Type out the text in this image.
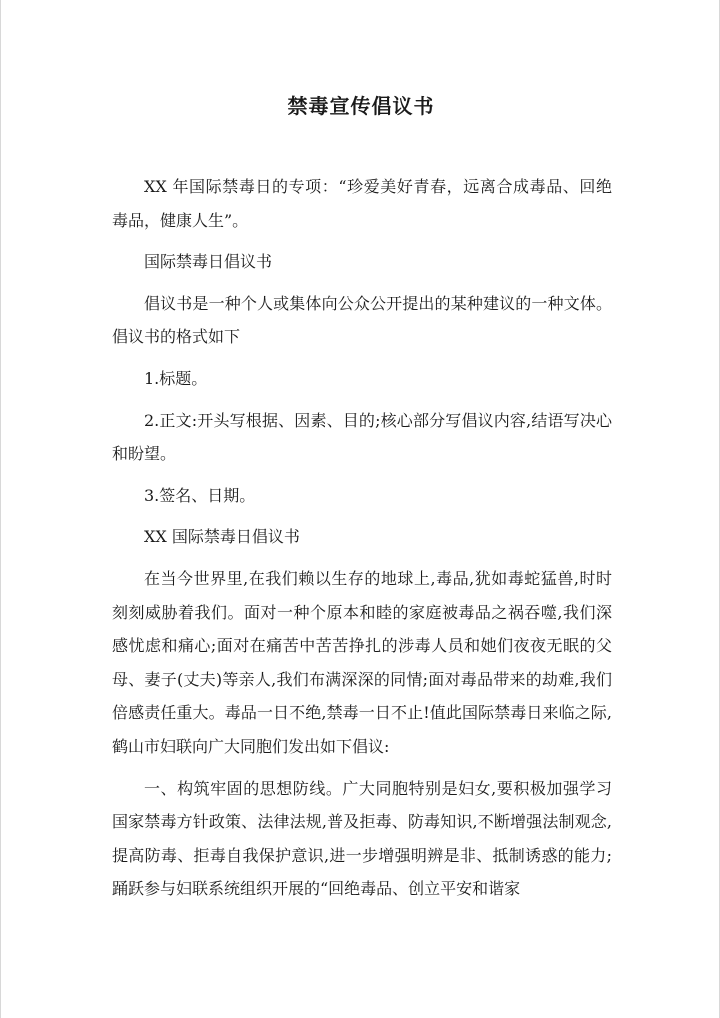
禁毒宣传倡议书

XX 年国际禁毒日的专项：“珍爱美好青春，远离合成毒品、回绝毒品，健康人生”。

国际禁毒日倡议书

倡议书是一种个人或集体向公众公开提出的某种建议的一种文体。倡议书的格式如下

1.标题。

2.正文:开头写根据、因素、目的;核心部分写倡议内容,结语写决心和盼望。

3.签名、日期。

XX 国际禁毒日倡议书

在当今世界里,在我们赖以生存的地球上,毒品,犹如毒蛇猛兽,时时刻刻威胁着我们。面对一种个原本和睦的家庭被毒品之祸吞噬,我们深感忧虑和痛心;面对在痛苦中苦苦挣扎的涉毒人员和她们夜夜无眠的父母、妻子(丈夫)等亲人,我们布满深深的同情;面对毒品带来的劫难,我们倍感责任重大。毒品一日不绝,禁毒一日不止!值此国际禁毒日来临之际,鹤山市妇联向广大同胞们发出如下倡议:

一、构筑牢固的思想防线。广大同胞特别是妇女,要积极加强学习国家禁毒方针政策、法律法规,普及拒毒、防毒知识,不断增强法制观念,提高防毒、拒毒自我保护意识,进一步增强明辨是非、抵制诱惑的能力;踊跃参与妇联系统组织开展的“回绝毒品、创立平安和谐家
